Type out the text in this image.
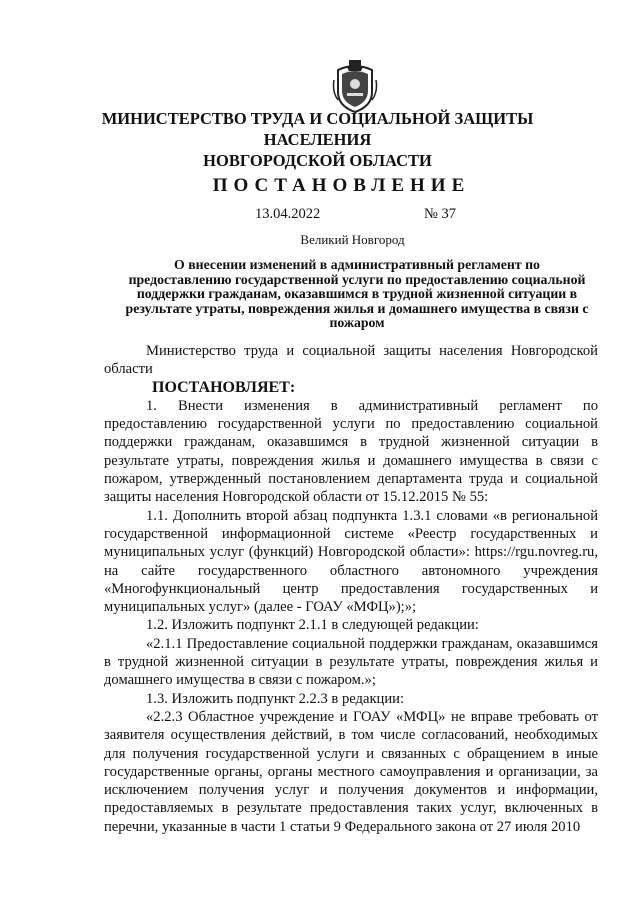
МИНИСТЕРСТВО ТРУДА И СОЦИАЛЬНОЙ ЗАЩИТЫ НАСЕЛЕНИЯ
НОВГОРОДСКОЙ ОБЛАСТИ
ПОСТАНОВЛЕНИЕ
13.04.2022	№ 37
Великий Новгород
О внесении изменений в административный регламент по предоставлению государственной услуги по предоставлению социальной поддержки гражданам, оказавшимся в трудной жизненной ситуации в результате утраты, повреждения жилья и домашнего имущества в связи с пожаром

Министерство труда и социальной защиты населения Новгородской области

ПОСТАНОВЛЯЕТ:

1. Внести изменения в административный регламент по предоставлению государственной услуги по предоставлению социальной поддержки гражданам, оказавшимся в трудной жизненной ситуации в результате утраты, повреждения жилья и домашнего имущества в связи с пожаром, утвержденный постановлением департамента труда и социальной защиты населения Новгородской области от 15.12.2015 № 55:

1.1. Дополнить второй абзац подпункта 1.3.1 словами «в региональной государственной информационной системе «Реестр государственных и муниципальных услуг (функций) Новгородской области»: https://rgu.novreg.ru, на сайте государственного областного автономного учреждения «Многофункциональный центр предоставления государственных и муниципальных услуг» (далее - ГОАУ «МФЦ»);»;

1.2. Изложить подпункт 2.1.1 в следующей редакции:

«2.1.1 Предоставление социальной поддержки гражданам, оказавшимся в трудной жизненной ситуации в результате утраты, повреждения жилья и домашнего имущества в связи с пожаром.»;

1.3. Изложить подпункт 2.2.3 в редакции:

«2.2.3 Областное учреждение и ГОАУ «МФЦ» не вправе требовать от заявителя осуществления действий, в том числе согласований, необходимых для получения государственной услуги и связанных с обращением в иные государственные органы, органы местного самоуправления и организации, за исключением получения услуг и получения документов и информации, предоставляемых в результате предоставления таких услуг, включенных в перечни, указанные в части 1 статьи 9 Федерального закона от 27 июля 2010
